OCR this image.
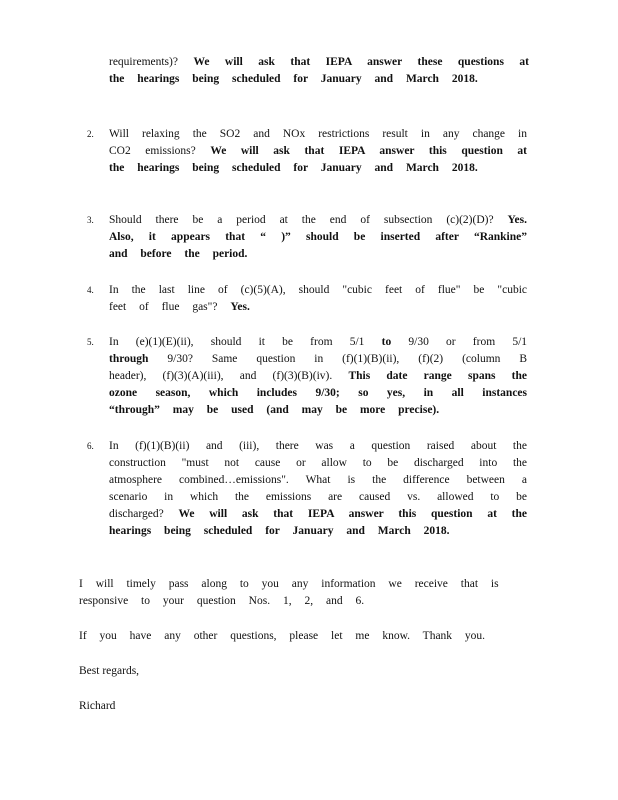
requirements)? We will ask that IEPA answer these questions at the hearings being scheduled for January and March 2018.
2.	Will relaxing the SO2 and NOx restrictions result in any change in CO2 emissions? We will ask that IEPA answer this question at the hearings being scheduled for January and March 2018.
3.	Should there be a period at the end of subsection (c)(2)(D)? Yes. Also, it appears that “ )” should be inserted after “Rankine” and before the period.
4.	In the last line of (c)(5)(A), should "cubic feet of flue" be "cubic feet of flue gas"? Yes.
5.	In (e)(1)(E)(ii), should it be from 5/1 to 9/30 or from 5/1 through 9/30? Same question in (f)(1)(B)(ii), (f)(2) (column B header), (f)(3)(A)(iii), and (f)(3)(B)(iv). This date range spans the ozone season, which includes 9/30; so yes, in all instances “through” may be used (and may be more precise).
6.	In (f)(1)(B)(ii) and (iii), there was a question raised about the construction "must not cause or allow to be discharged into the atmosphere combined…emissions". What is the difference between a scenario in which the emissions are caused vs. allowed to be discharged? We will ask that IEPA answer this question at the hearings being scheduled for January and March 2018.
I will timely pass along to you any information we receive that is responsive to your question Nos. 1, 2, and 6.
If you have any other questions, please let me know. Thank you.
Best regards,
Richard
